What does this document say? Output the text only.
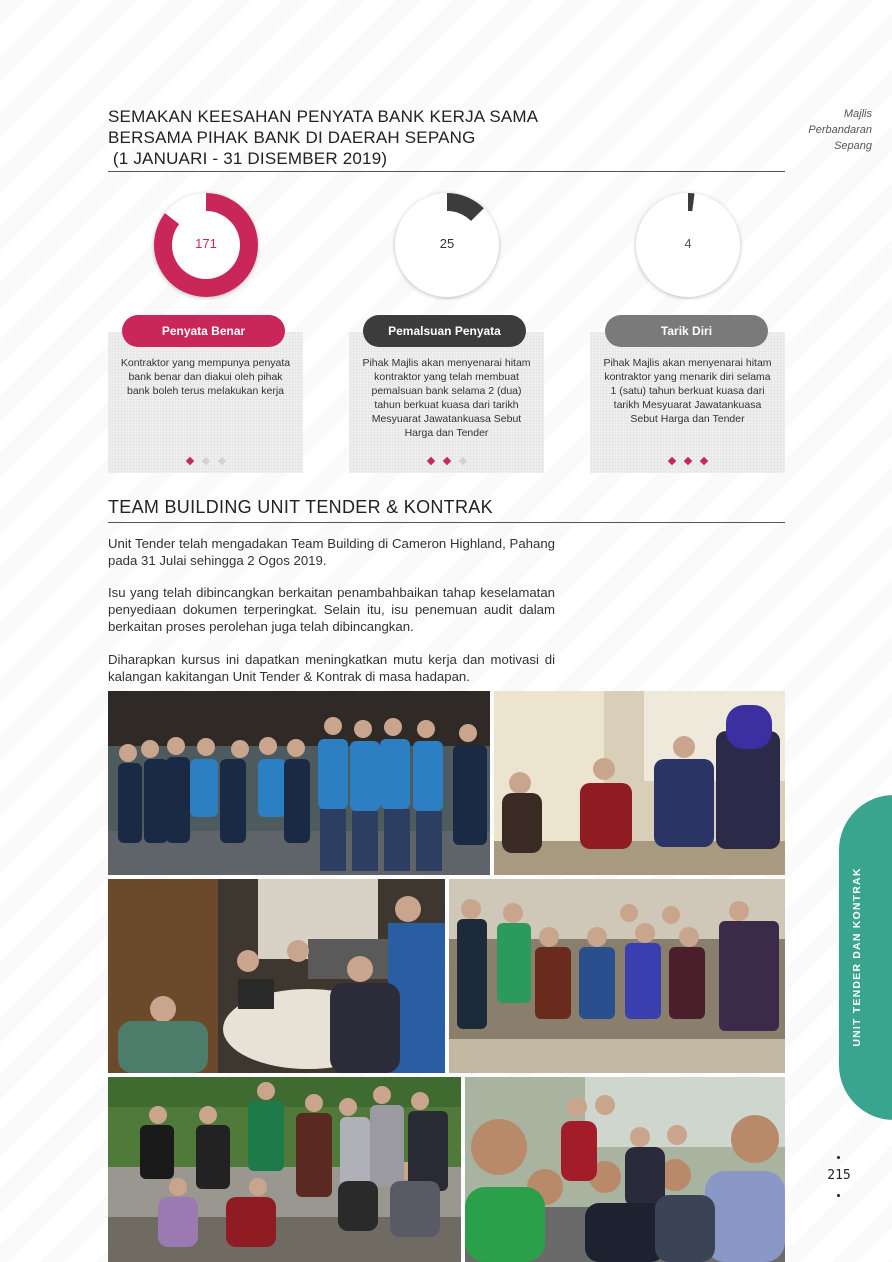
Majlis
Perbandaran
Sepang
SEMAKAN KEESAHAN PENYATA BANK KERJA SAMA
BERSAMA PIHAK BANK DI DAERAH SEPANG
(1 JANUARI - 31 DISEMBER 2019)

Kontraktor yang mempunya penyata bank benar dan diakui oleh pihak bank boleh terus melakukan kerja

Pihak Majlis akan menyenarai hitam kontraktor yang telah membuat pemalsuan bank selama 2 (dua) tahun berkuat kuasa dari tarikh Mesyuarat Jawatankuasa Sebut Harga dan Tender

Pihak Majlis akan menyenarai hitam kontraktor yang menarik diri selama 1 (satu) tahun berkuat kuasa dari tarikh Mesyuarat Jawatankuasa Sebut Harga dan Tender

171	25	4
Penyata Benar	Pemalsuan Penyata	Tarik Diri
TEAM BUILDING UNIT TENDER & KONTRAK

Unit Tender telah mengadakan Team Building di Cameron Highland, Pahang pada 31 Julai sehingga 2 Ogos 2019.

Isu yang telah dibincangkan berkaitan penambahbaikan tahap keselamatan penyediaan dokumen terperingkat. Selain itu, isu penemuan audit dalam berkaitan proses perolehan juga telah dibincangkan.

Diharapkan kursus ini dapatkan meningkatkan mutu kerja dan motivasi di kalangan kakitangan Unit Tender & Kontrak di masa hadapan.

UNIT TENDER DAN KONTRAK
215
